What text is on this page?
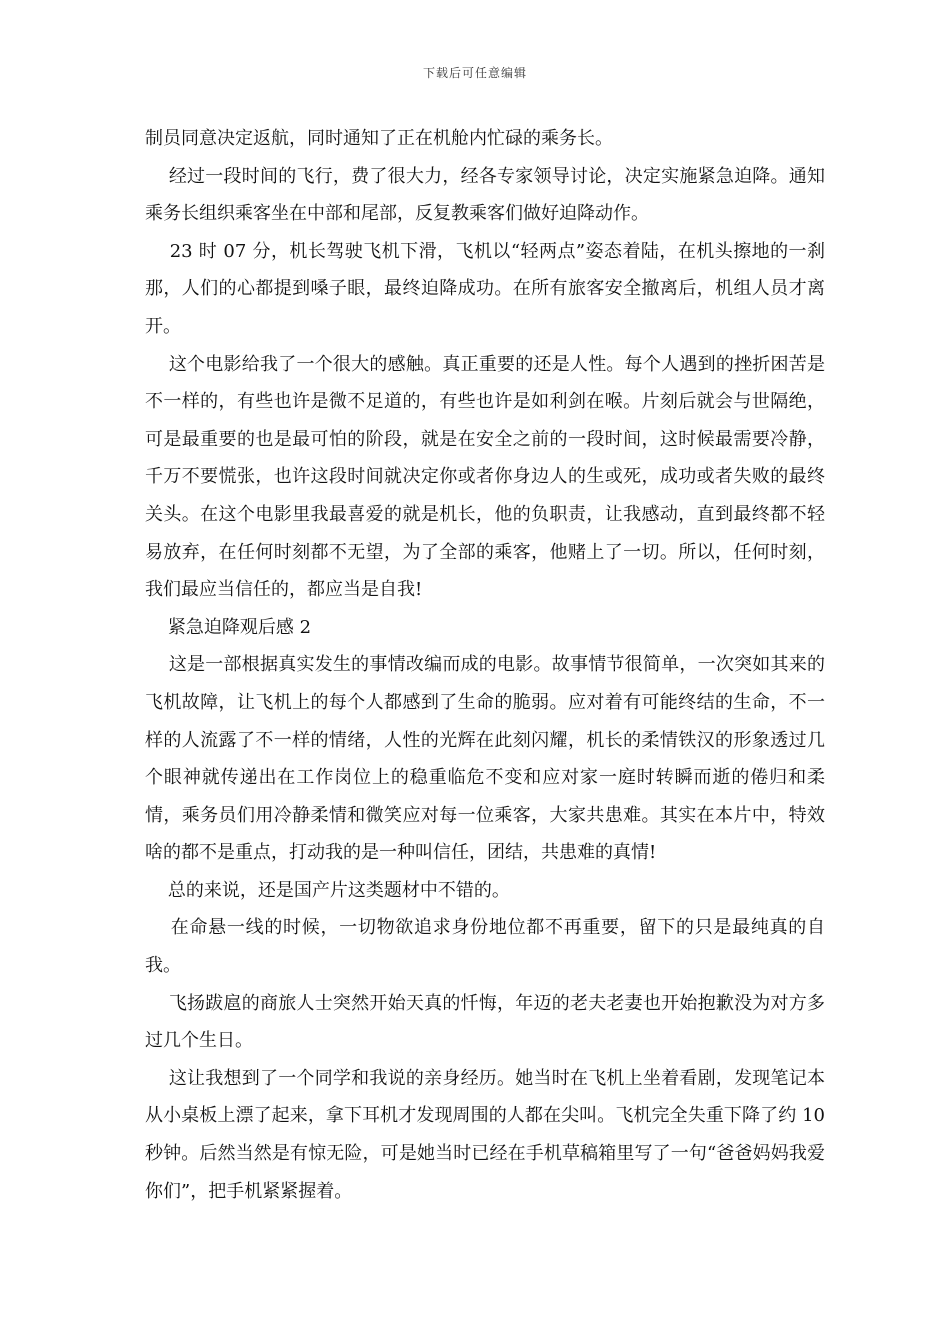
下载后可任意编辑

制员同意决定返航，同时通知了正在机舱内忙碌的乘务长。

经过一段时间的飞行，费了很大力，经各专家领导讨论，决定实施紧急迫降。通知乘务长组织乘客坐在中部和尾部，反复教乘客们做好迫降动作。

23 时 07 分，机长驾驶飞机下滑，飞机以“轻两点”姿态着陆，在机头擦地的一刹那，人们的心都提到嗓子眼，最终迫降成功。在所有旅客安全撤离后，机组人员才离开。

这个电影给我了一个很大的感触。真正重要的还是人性。每个人遇到的挫折困苦是不一样的，有些也许是微不足道的，有些也许是如利剑在喉。片刻后就会与世隔绝，可是最重要的也是最可怕的阶段，就是在安全之前的一段时间，这时候最需要冷静，千万不要慌张，也许这段时间就决定你或者你身边人的生或死，成功或者失败的最终关头。在这个电影里我最喜爱的就是机长，他的负职责，让我感动，直到最终都不轻易放弃，在任何时刻都不无望，为了全部的乘客，他赌上了一切。所以，任何时刻，我们最应当信任的，都应当是自我!

紧急迫降观后感 2

这是一部根据真实发生的事情改编而成的电影。故事情节很简单，一次突如其来的飞机故障，让飞机上的每个人都感到了生命的脆弱。应对着有可能终结的生命，不一样的人流露了不一样的情绪，人性的光辉在此刻闪耀，机长的柔情铁汉的形象透过几个眼神就传递出在工作岗位上的稳重临危不变和应对家一庭时转瞬而逝的倦归和柔情，乘务员们用冷静柔情和微笑应对每一位乘客，大家共患难。其实在本片中，特效啥的都不是重点，打动我的是一种叫信任，团结，共患难的真情!

总的来说，还是国产片这类题材中不错的。

在命悬一线的时候，一切物欲追求身份地位都不再重要，留下的只是最纯真的自我。

飞扬跋扈的商旅人士突然开始天真的忏悔，年迈的老夫老妻也开始抱歉没为对方多过几个生日。

这让我想到了一个同学和我说的亲身经历。她当时在飞机上坐着看剧，发现笔记本从小桌板上漂了起来，拿下耳机才发现周围的人都在尖叫。飞机完全失重下降了约 10 秒钟。后然当然是有惊无险，可是她当时已经在手机草稿箱里写了一句“爸爸妈妈我爱你们”，把手机紧紧握着。
